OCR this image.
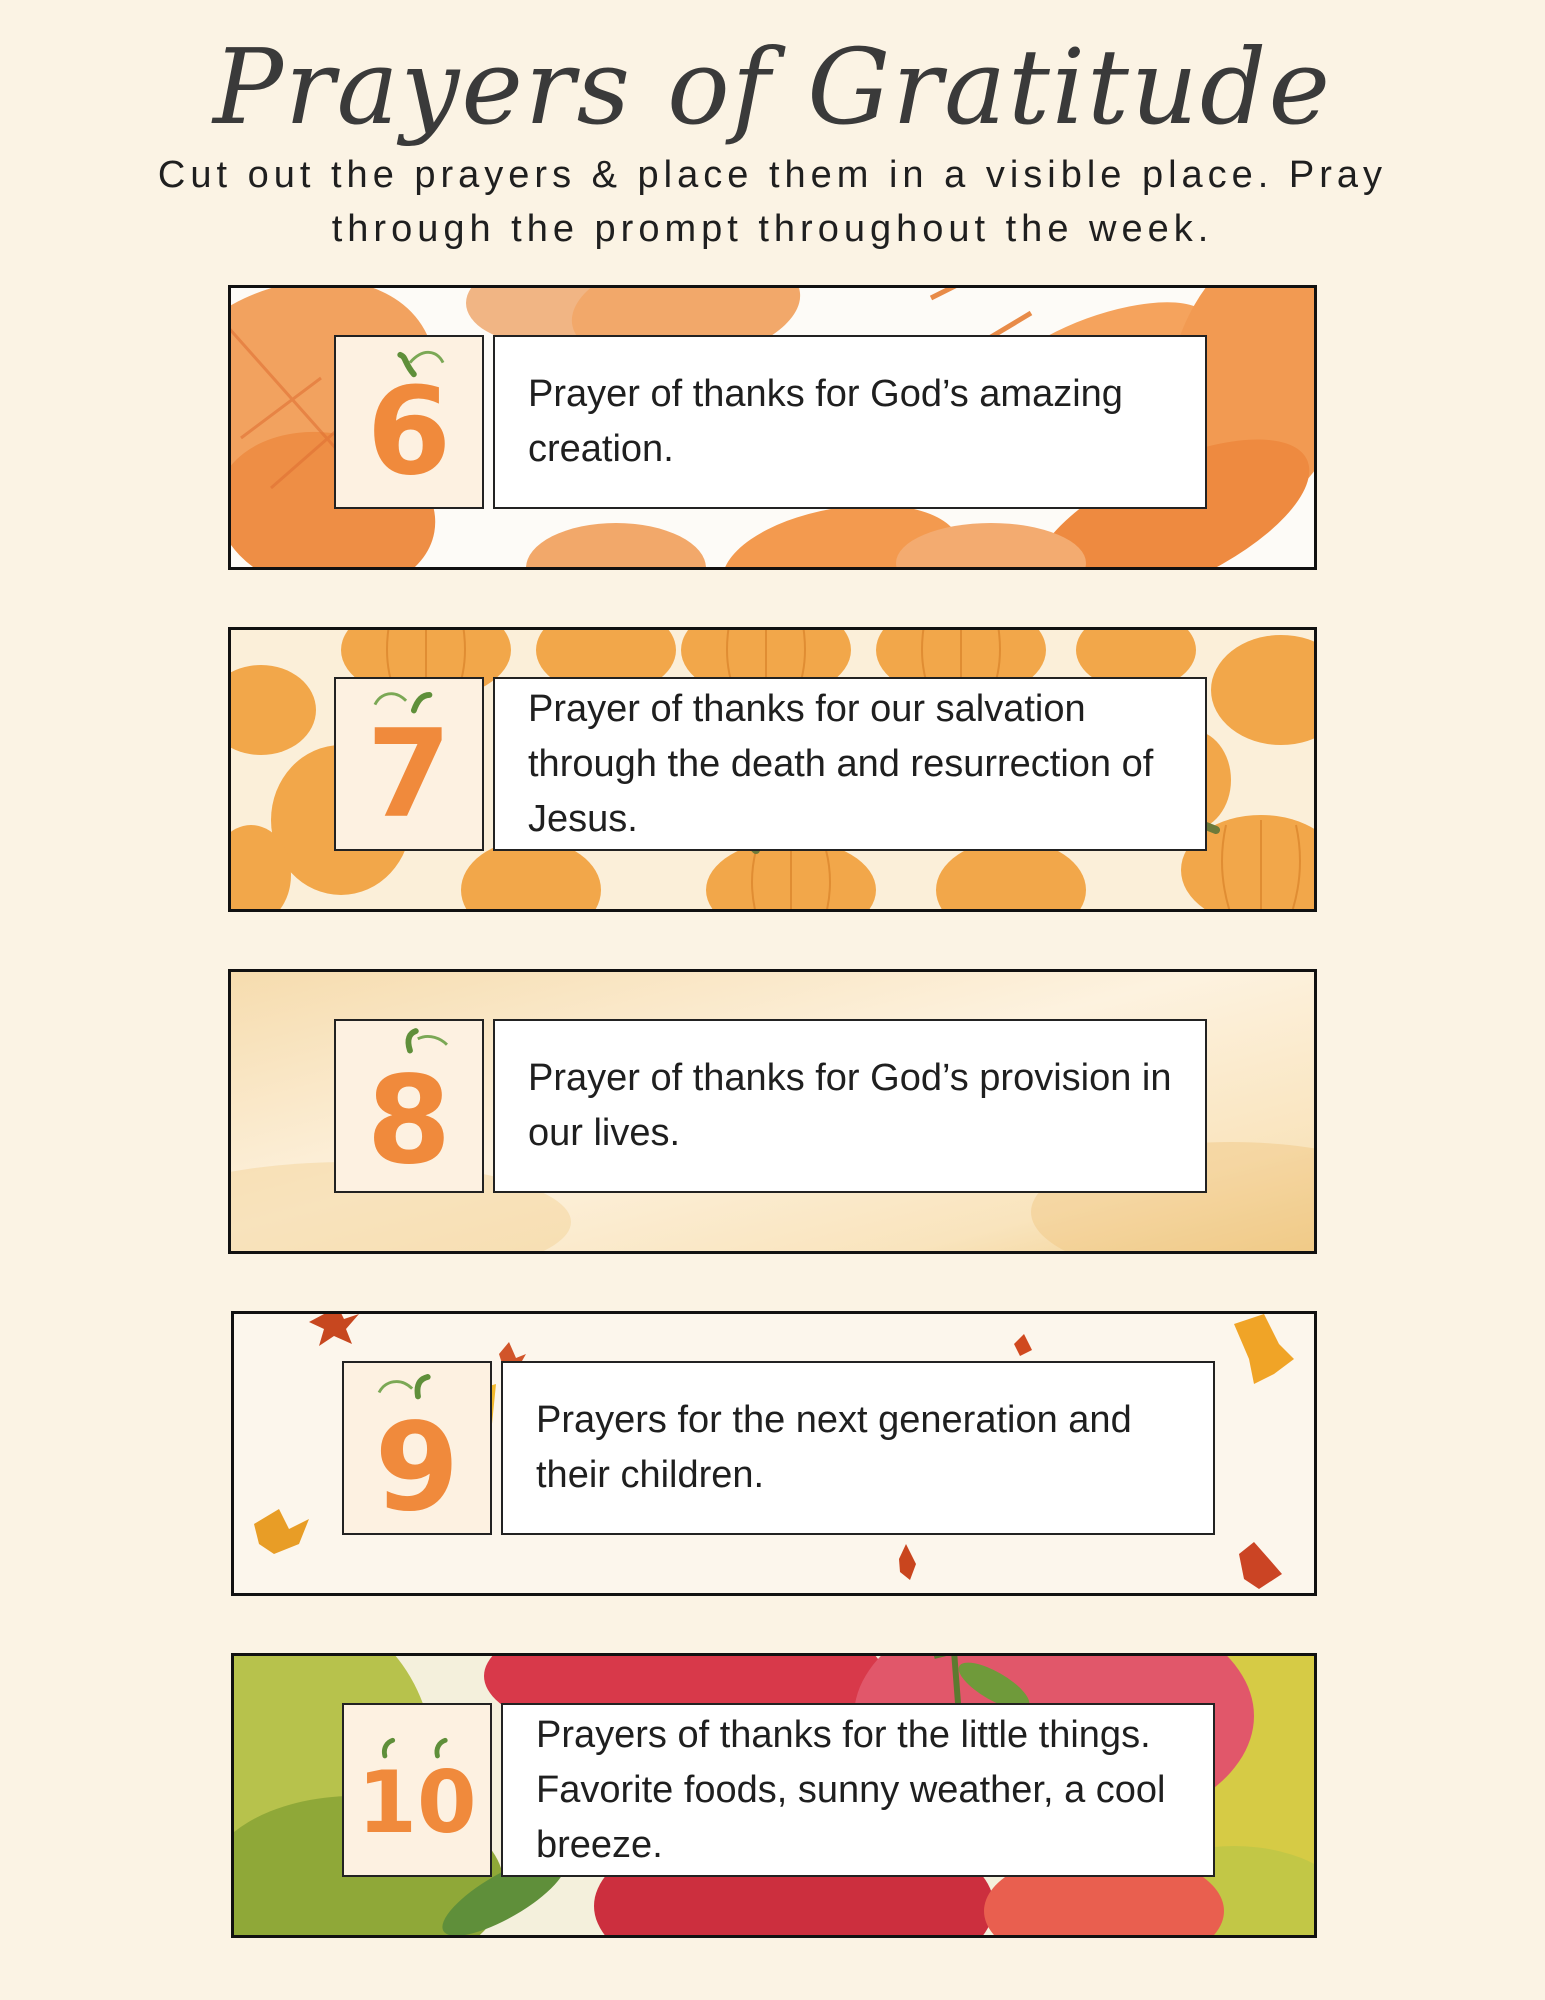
Prayers of Gratitude
Cut out the prayers & place them in a visible place. Pray through the prompt throughout the week.
6	Prayer of thanks for God’s amazing creation.
7	Prayer of thanks for our salvation through the death and resurrection of Jesus.
8	Prayer of thanks for God’s provision in our lives.
9	Prayers for the next generation and their children.
10
Prayers of thanks for the little things. Favorite foods, sunny weather, a cool breeze.
